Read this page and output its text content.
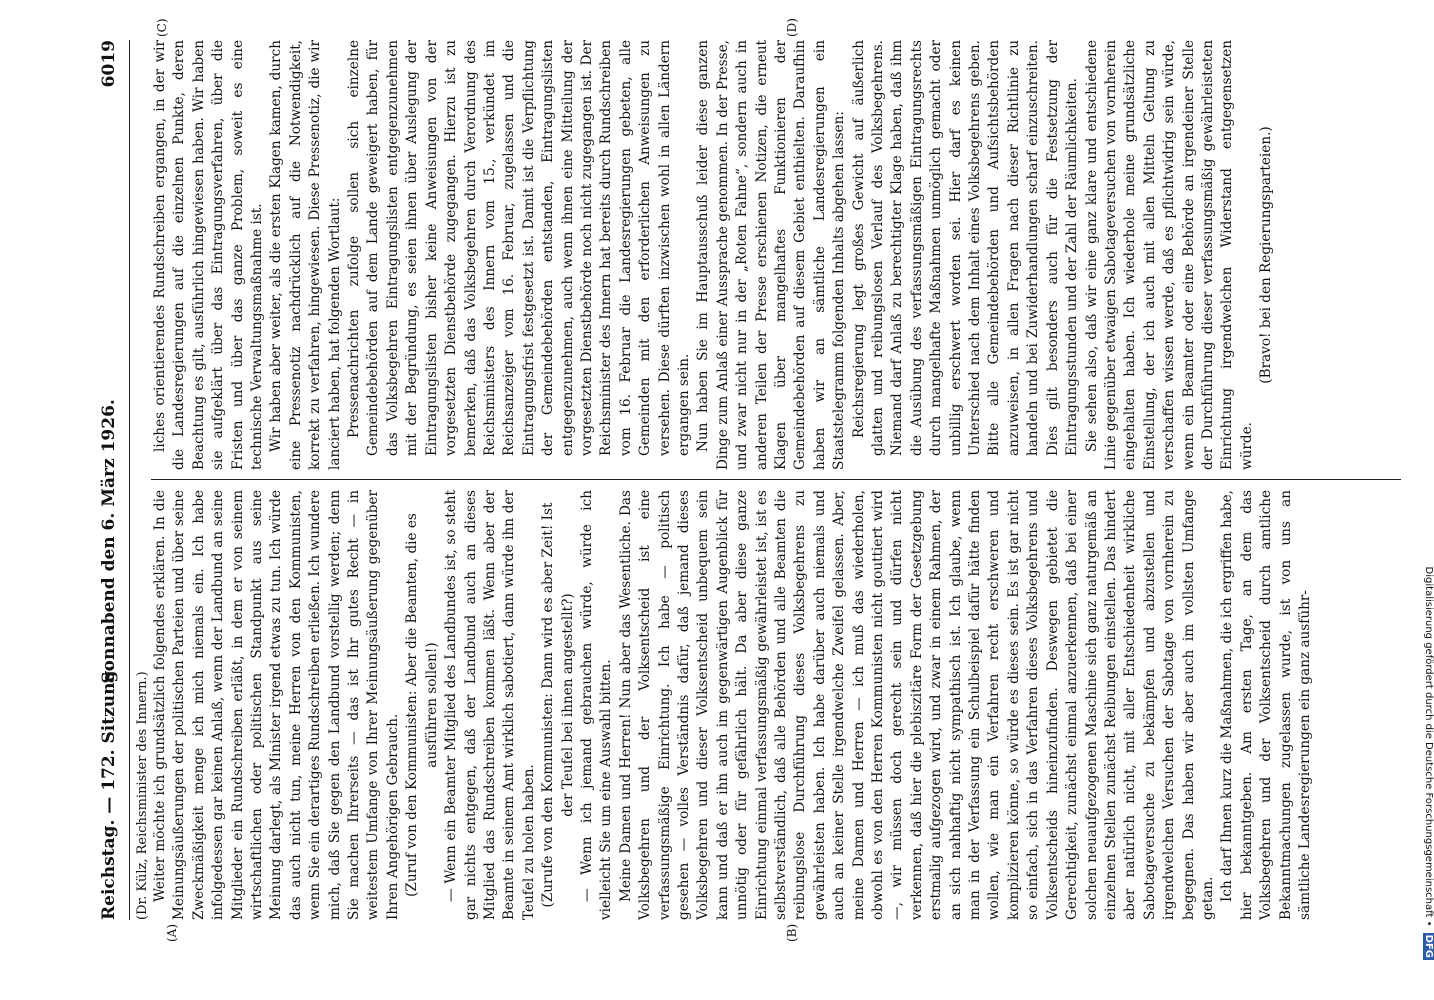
Reichstag. — 172. Sitzung.
Sonnabend den 6. März 1926.  6019
(Dr. Külz, Reichsminister des Innern.)
(A)	(B)
(C)	(D)

Weiter möchte ich grundsätzlich folgendes erklären. In die Meinungsäußerungen der politischen Parteien und über seine Zweckmäßigkeit menge ich mich niemals ein. Ich habe infolgedessen gar keinen Anlaß, wenn der Landbund an seine Mitglieder ein Rundschreiben erläßt, in dem er von seinem wirtschaftlichen oder politischen Standpunkt aus seine Meinung darlegt, als Minister irgend etwas zu tun. Ich würde das auch nicht tun, meine Herren von den Kommunisten, wenn Sie ein derartiges Rundschreiben erließen. Ich wundere mich, daß Sie gegen den Landbund vorstellig werden; denn Sie machen Ihrerseits — das ist Ihr gutes Recht — in weitestem Umfange von Ihrer Meinungsäußerung gegenüber Ihren Angehörigen Gebrauch. (Zuruf von den Kommunisten: Aber die Beamten, die es ausführen sollen!) — Wenn ein Beamter Mitglied des Landbundes ist, so steht gar nichts entgegen, daß der Landbund auch an dieses Mitglied das Rundschreiben kommen läßt. Wenn aber der Beamte in seinem Amt wirklich sabotiert, dann würde ihn der Teufel zu holen haben. (Zurufe von den Kommunisten: Dann wird es aber Zeit! Ist der Teufel bei ihnen angestellt?) — Wenn ich jemand gebrauchen würde, würde ich vielleicht Sie um eine Auswahl bitten. Meine Damen und Herren! Nun aber das Wesentliche. Das Volksbegehren und der Volksentscheid ist eine verfassungsmäßige Einrichtung. Ich habe — politisch gesehen — volles Verständnis dafür, daß jemand dieses Volksbegehren und dieser Volksentscheid unbequem sein kann und daß er ihn auch im gegenwärtigen Augenblick für unnötig oder für gefährlich hält. Da aber diese ganze Einrichtung einmal verfassungsmäßig gewährleistet ist, ist es selbstverständlich, daß alle Behörden und alle Beamten die reibungslose Durchführung dieses Volksbegehrens zu gewährleisten haben. Ich habe darüber auch niemals und auch an keiner Stelle irgendwelche Zweifel gelassen. Aber, meine Damen und Herren — ich muß das wiederholen, obwohl es von den Herren Kommunisten nicht gouttiert wird —, wir müssen doch gerecht sein und dürfen nicht verkennen, daß hier die plebiszitäre Form der Gesetzgebung erstmalig aufgezogen wird, und zwar in einem Rahmen, der an sich nahhaftig nicht sympathisch ist. Ich glaube, wenn man in der Verfassung ein Schulbeispiel dafür hätte finden wollen, wie man ein Verfahren recht erschweren und komplizieren könne, so würde es dieses sein. Es ist gar nicht so einfach, sich in das Verfahren dieses Volksbegehrens und Volksentscheids hineinzufinden. Deswegen gebietet die Gerechtigkeit, zunächst einmal anzuerkennen, daß bei einer solchen neuaufgezogenen Maschine sich ganz naturgemäß an einzelnen Stellen zunächst Reibungen einstellen. Das hindert aber natürlich nicht, mit aller Entschiedenheit wirkliche Sabotageversuche zu bekämpfen und abzustellen und irgendwelchen Versuchen der Sabotage von vornherein zu begegnen. Das haben wir aber auch im vollsten Umfange getan. Ich darf Ihnen kurz die Maßnahmen, die ich ergriffen habe, hier bekanntgeben. Am ersten Tage, an dem das Volksbegehren und der Volksentscheid durch amtliche Bekanntmachungen zugelassen wurde, ist von uns an sämtliche Landesregierungen ein ganz ausführ-

liches orientierendes Rundschreiben ergangen, in der wir die Landesregierungen auf die einzelnen Punkte, deren Beachtung es gilt, ausführlich hingewiesen haben. Wir haben sie aufgeklärt über das Eintragungsverfahren, über die Fristen und über das ganze Problem, soweit es eine technische Verwaltungsmaßnahme ist. Wir haben aber weiter, als die ersten Klagen kamen, durch eine Pressenotiz nachdrücklich auf die Notwendigkeit, korrekt zu verfahren, hingewiesen. Diese Pressenotiz, die wir lanciert haben, hat folgenden Wortlaut: Pressenachrichten zufolge sollen sich einzelne Gemeindebehörden auf dem Lande geweigert haben, für das Volksbegehren Eintragungslisten entgegenzunehmen mit der Begründung, es seien ihnen über Auslegung der Eintragungslisten bisher keine Anweisungen von der vorgesetzten Dienstbehörde zugegangen. Hierzu ist zu bemerken, daß das Volksbegehren durch Verordnung des Reichsministers des Innern vom 15., verkündet im Reichsanzeiger vom 16. Februar, zugelassen und die Eintragungsfrist festgesetzt ist. Damit ist die Verpflichtung der Gemeindebehörden entstanden, Eintragungslisten entgegenzunehmen, auch wenn ihnen eine Mitteilung der vorgesetzten Dienstbehörde noch nicht zugegangen ist. Der Reichsminister des Innern hat bereits durch Rundschreiben vom 16. Februar die Landesregierungen gebeten, alle Gemeinden mit den erforderlichen Anweisungen zu versehen. Diese dürften inzwischen wohl in allen Ländern ergangen sein. Nun haben Sie im Hauptausschuß leider diese ganzen Dinge zum Anlaß einer Aussprache genommen. In der Presse, und zwar nicht nur in der „Roten Fahne“, sondern auch in anderen Teilen der Presse erschienen Notizen, die erneut Klagen über mangelhaftes Funktionieren der Gemeindebehörden auf diesem Gebiet enthielten. Daraufhin haben wir an sämtliche Landesregierungen ein Staatstelegramm folgenden Inhalts abgehen lassen: Reichsregierung legt großes Gewicht auf äußerlich glatten und reibungslosen Verlauf des Volksbegehrens. Niemand darf Anlaß zu berechtigter Klage haben, daß ihm die Ausübung des verfassungsmäßigen Eintragungsrechts durch mangelhafte Maßnahmen unmöglich gemacht oder unbillig erschwert worden sei. Hier darf es keinen Unterschied nach dem Inhalt eines Volksbegehrens geben. Bitte alle Gemeindebehörden und Aufsichtsbehörden anzuweisen, in allen Fragen nach dieser Richtlinie zu handeln und bei Zuwiderhandlungen scharf einzuschreiten. Dies gilt besonders auch für die Festsetzung der Eintragungsstunden und der Zahl der Räumlichkeiten. Sie sehen also, daß wir eine ganz klare und entschiedene Linie gegenüber etwaigen Sabotageversuchen von vornherein eingehalten haben. Ich wiederhole meine grundsätzliche Einstellung, der ich auch mit allen Mitteln Geltung zu verschaffen wissen werde, daß es pflichtwidrig sein würde, wenn ein Beamter oder eine Behörde an irgendeiner Stelle der Durchführung dieser verfassungsmäßig gewährleisteten Einrichtung irgendwelchen Widerstand entgegensetzen würde.

(Bravo! bei den Regierungsparteien.)

Digitalisierung gefördert durch die Deutsche Forschungsgemeinschaft • DFG
